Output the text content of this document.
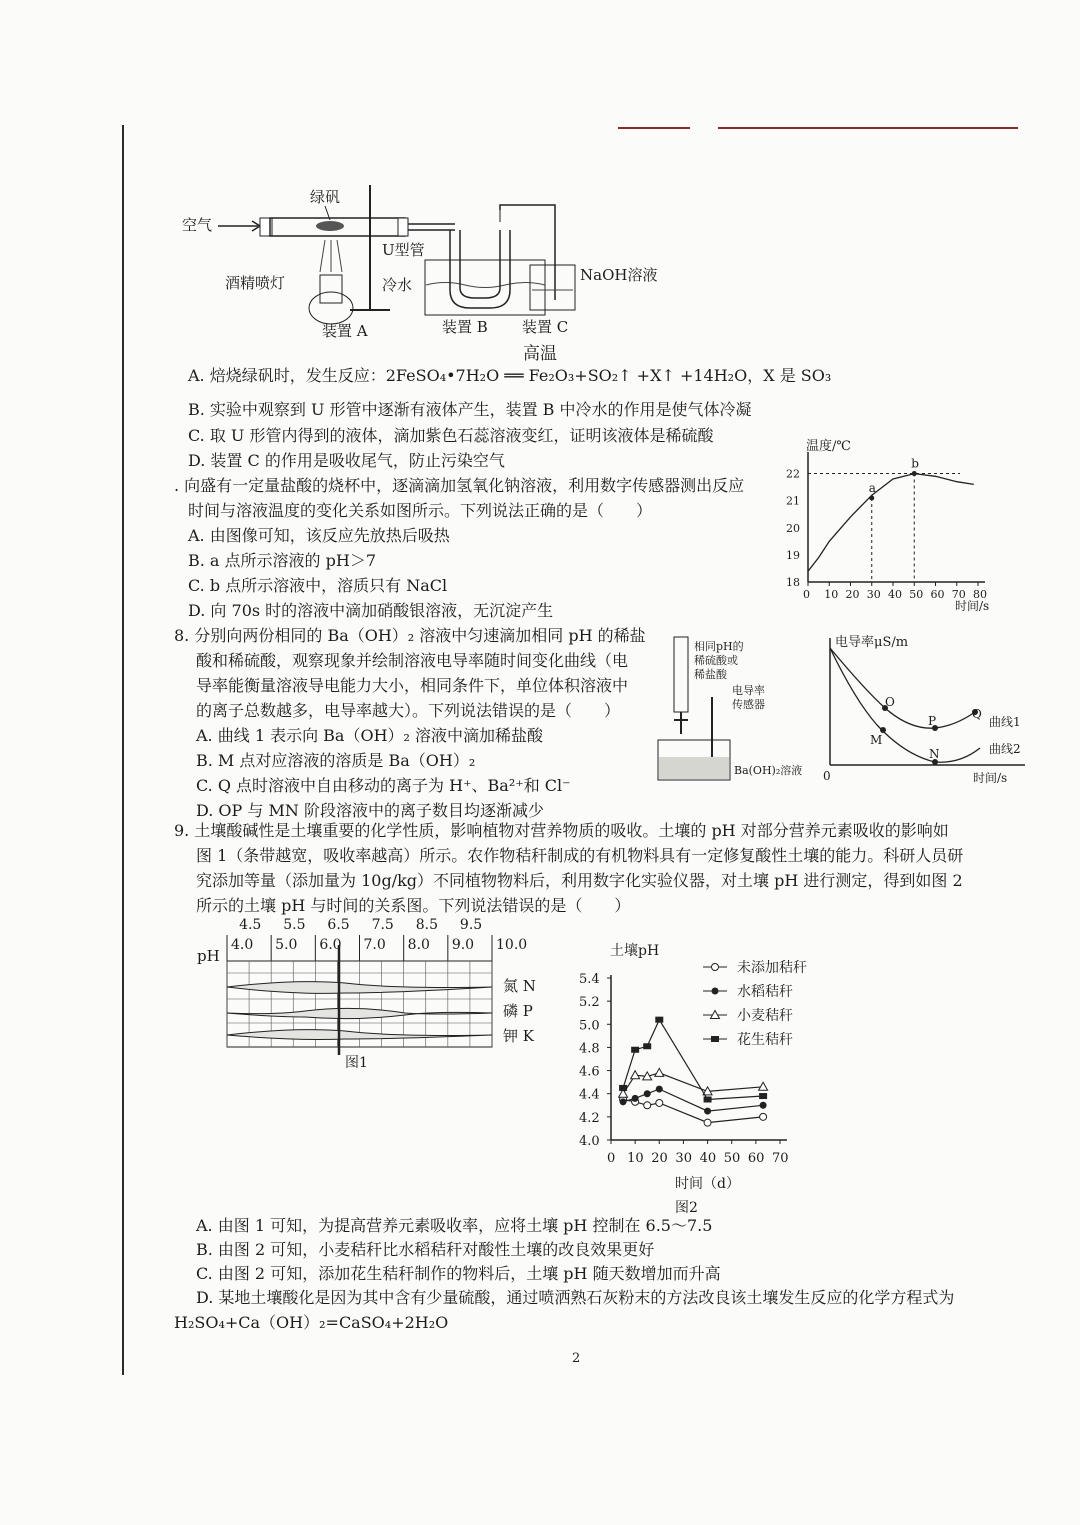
空气
绿矾
酒精喷灯
U型管
冷水
NaOH溶液
装置 A	装置 B 装置 C
A. 焙烧绿矾时，发生反应：2FeSO₄•7H₂O ══ Fe₂O₃+SO₂↑ +X↑ +14H₂O，X 是 SO₃
高温
B. 实验中观察到 U 形管中逐渐有液体产生，装置 B 中冷水的作用是使气体冷凝
C. 取 U 形管内得到的液体，滴加紫色石蕊溶液变红，证明该液体是稀硫酸
D. 装置 C 的作用是吸收尾气，防止污染空气
. 向盛有一定量盐酸的烧杯中，逐滴滴加氢氧化钠溶液，利用数字传感器测出反应
时间与溶液温度的变化关系如图所示。下列说法正确的是（　　）
A. 由图像可知，该反应先放热后吸热
B. a 点所示溶液的 pH＞7
C. b 点所示溶液中，溶质只有 NaCl
D. 向 70s 时的溶液中滴加硝酸银溶液，无沉淀产生
温度/℃
0 10 20 30 40 50 60 70 80
18
19
20
21
22
a
b
时间/s
8. 分别向两份相同的 Ba（OH）₂ 溶液中匀速滴加相同 pH 的稀盐
酸和稀硫酸，观察现象并绘制溶液电导率随时间变化曲线（电
导率能衡量溶液导电能力大小，相同条件下，单位体积溶液中
的离子总数越多，电导率越大）。下列说法错误的是（　　）
A. 曲线 1 表示向 Ba（OH）₂ 溶液中滴加稀盐酸
B. M 点对应溶液的溶质是 Ba（OH）₂
C. Q 点时溶液中自由移动的离子为 H⁺、Ba²⁺和 Cl⁻
D. OP 与 MN 阶段溶液中的离子数目均逐渐减少
相同pH的
稀硫酸或
稀盐酸
电导率
传感器
Ba(OH)₂溶液
电导率μS/m
0	时间/s
O
P	Q
M
N
曲线1
曲线2
9. 土壤酸碱性是土壤重要的化学性质，影响植物对营养物质的吸收。土壤的 pH 对部分营养元素吸收的影响如
图 1（条带越宽，吸收率越高）所示。农作物秸秆制成的有机物料具有一定修复酸性土壤的能力。科研人员研
究添加等量（添加量为 10g/kg）不同植物物料后，利用数字化实验仪器，对土壤 pH 进行测定，得到如图 2
所示的土壤 pH 与时间的关系图。下列说法错误的是（　　）
pH
4.5 5.5 6.5 7.5 8.5 9.5
4.0 5.0 6.0 7.0 8.0 9.0 10.0
氮 N
磷 P
钾 K
图1
土壤pH
4.0
4.2
4.4
4.6
4.8
5.0
5.2
5.4
0 10 20 30 40 50 60 70
未添加秸秆
水稻秸秆
小麦秸秆
花生秸秆
时间（d）
图2
A. 由图 1 可知，为提高营养元素吸收率，应将土壤 pH 控制在 6.5～7.5
B. 由图 2 可知，小麦秸秆比水稻秸秆对酸性土壤的改良效果更好
C. 由图 2 可知，添加花生秸秆制作的物料后，土壤 pH 随天数增加而升高
D. 某地土壤酸化是因为其中含有少量硫酸，通过喷洒熟石灰粉末的方法改良该土壤发生反应的化学方程式为
H₂SO₄+Ca（OH）₂=CaSO₄+2H₂O
2
